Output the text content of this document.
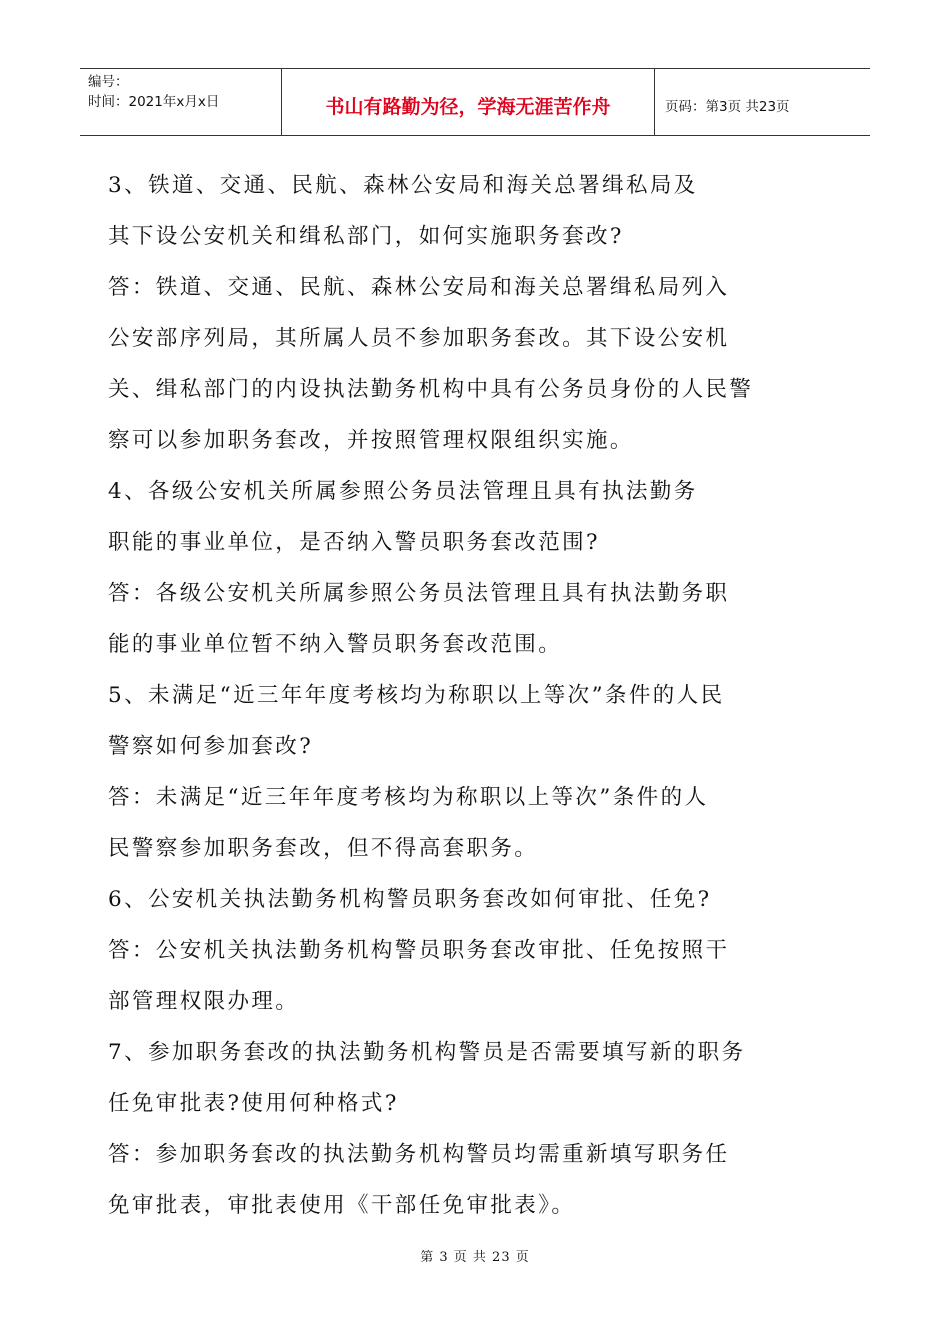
编号：
时间：2021年x月x日	书山有路勤为径，学海无涯苦作舟	页码：第3页 共23页

3、铁道、交通、民航、森林公安局和海关总署缉私局及
其下设公安机关和缉私部门，如何实施职务套改?

答：铁道、交通、民航、森林公安局和海关总署缉私局列入
公安部序列局，其所属人员不参加职务套改。其下设公安机
关、缉私部门的内设执法勤务机构中具有公务员身份的人民警
察可以参加职务套改，并按照管理权限组织实施。

4、各级公安机关所属参照公务员法管理且具有执法勤务
职能的事业单位，是否纳入警员职务套改范围?

答：各级公安机关所属参照公务员法管理且具有执法勤务职
能的事业单位暂不纳入警员职务套改范围。

5、未满足“近三年年度考核均为称职以上等次”条件的人民
警察如何参加套改?

答：未满足“近三年年度考核均为称职以上等次”条件的人
民警察参加职务套改，但不得高套职务。

6、公安机关执法勤务机构警员职务套改如何审批、任免?

答：公安机关执法勤务机构警员职务套改审批、任免按照干
部管理权限办理。

7、参加职务套改的执法勤务机构警员是否需要填写新的职务
任免审批表?使用何种格式?

答：参加职务套改的执法勤务机构警员均需重新填写职务任
免审批表，审批表使用《干部任免审批表》。

第 3 页 共 23 页
